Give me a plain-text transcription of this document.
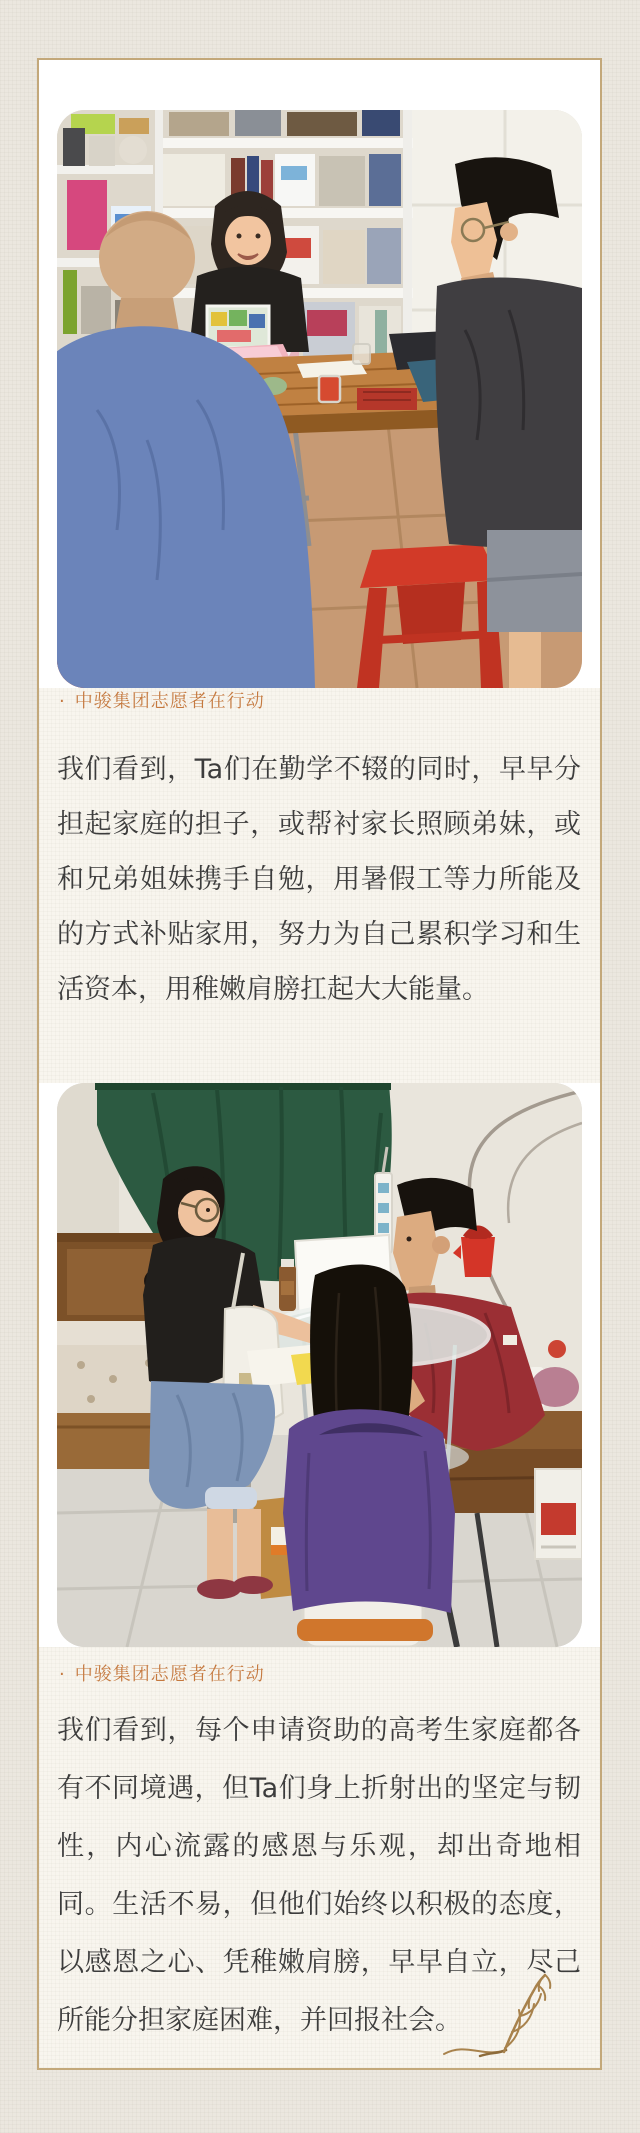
· 中骏集团志愿者在行动

我们看到，Ta们在勤学不辍的同时，早早分担起家庭的担子，或帮衬家长照顾弟妹，或和兄弟姐妹携手自勉，用暑假工等力所能及的方式补贴家用，努力为自己累积学习和生活资本，用稚嫩肩膀扛起大大能量。

· 中骏集团志愿者在行动

我们看到，每个申请资助的高考生家庭都各有不同境遇，但Ta们身上折射出的坚定与韧性，内心流露的感恩与乐观，却出奇地相同。生活不易，但他们始终以积极的态度，以感恩之心、凭稚嫩肩膀，早早自立，尽己所能分担家庭困难，并回报社会。
